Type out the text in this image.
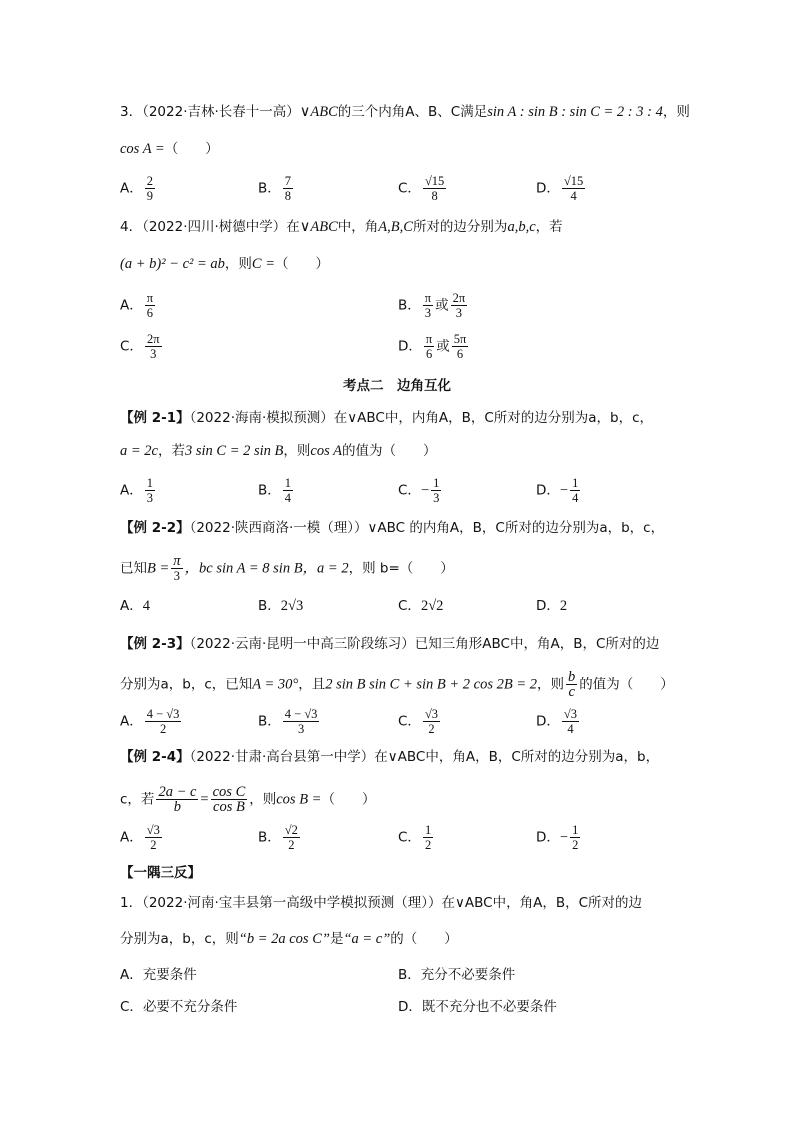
3．（2022·吉林·长春十一高）∨ABC的三个内角A、B、C满足sin A : sin B : sin C = 2 : 3 : 4，则
cos A =（　　）
A． $\frac{2}{9}$	B． $\frac{7}{8}$	C． $\frac{√15}{8}$	D． $\frac{√15}{4}$
4．（2022·四川·树德中学）在∨ABC中，角A,B,C所对的边分别为a,b,c，若
(a + b)² − c² = ab，则C =（　　）
A． $\frac{\pi}{6}$	B． $\frac{\pi}{3}$ 或 $\frac{2\pi}{3}$
C． $\frac{2\pi}{3}$	D． $\frac{\pi}{6}$ 或 $\frac{5\pi}{6}$
考点二　边角互化
【例 2-1】（2022·海南·模拟预测）在∨ABC中，内角A，B，C所对的边分别为a，b，c，
a = 2c，若3 sin C = 2 sin B，则cos A的值为（　　）
A． $\frac{1}{3}$	B． $\frac{1}{4}$	C．− $\frac{1}{3}$	D．− $\frac{1}{4}$
【例 2-2】（2022·陕西商洛·一模（理））∨ABC 的内角A，B，C所对的边分别为a，b，c，
已知$B = \frac{\pi}{3}$ ，bc sin A = 8 sin B，a = 2，则 b=（　　）
A．4	B．2√3	C．2√2	D．2
【例 2-3】（2022·云南·昆明一中高三阶段练习）已知三角形ABC中，角A，B，C所对的边
分别为a，b，c，已知A = 30°，且2 sin B sin C + sin B + 2 cos 2B = 2，则 $\frac{b}{c}$ 的值为（　　）
A． $\frac{4 - √3}{2}$	B． $\frac{4 - √3}{3}$	C． $\frac{√3}{2}$	D． $\frac{√3}{4}$
【例 2-4】（2022·甘肃·高台县第一中学）在∨ABC中，角A，B，C所对的边分别为a，b，
c，若 $\frac{2a - c}{b} = \frac{\text{cos C}}{\text{cos B}}$ ，则cos B =（　　）
A． $\frac{√3}{2}$	B． $\frac{√2}{2}$	C． $\frac{1}{2}$	D．− $\frac{1}{2}$
【一隅三反】
1．（2022·河南·宝丰县第一高级中学模拟预测（理））在∨ABC中，角A，B，C所对的边
分别为a，b，c，则“b = 2a cos C”是“a = c”的（　　）
A．充要条件	B．充分不必要条件
C．必要不充分条件	D．既不充分也不必要条件
